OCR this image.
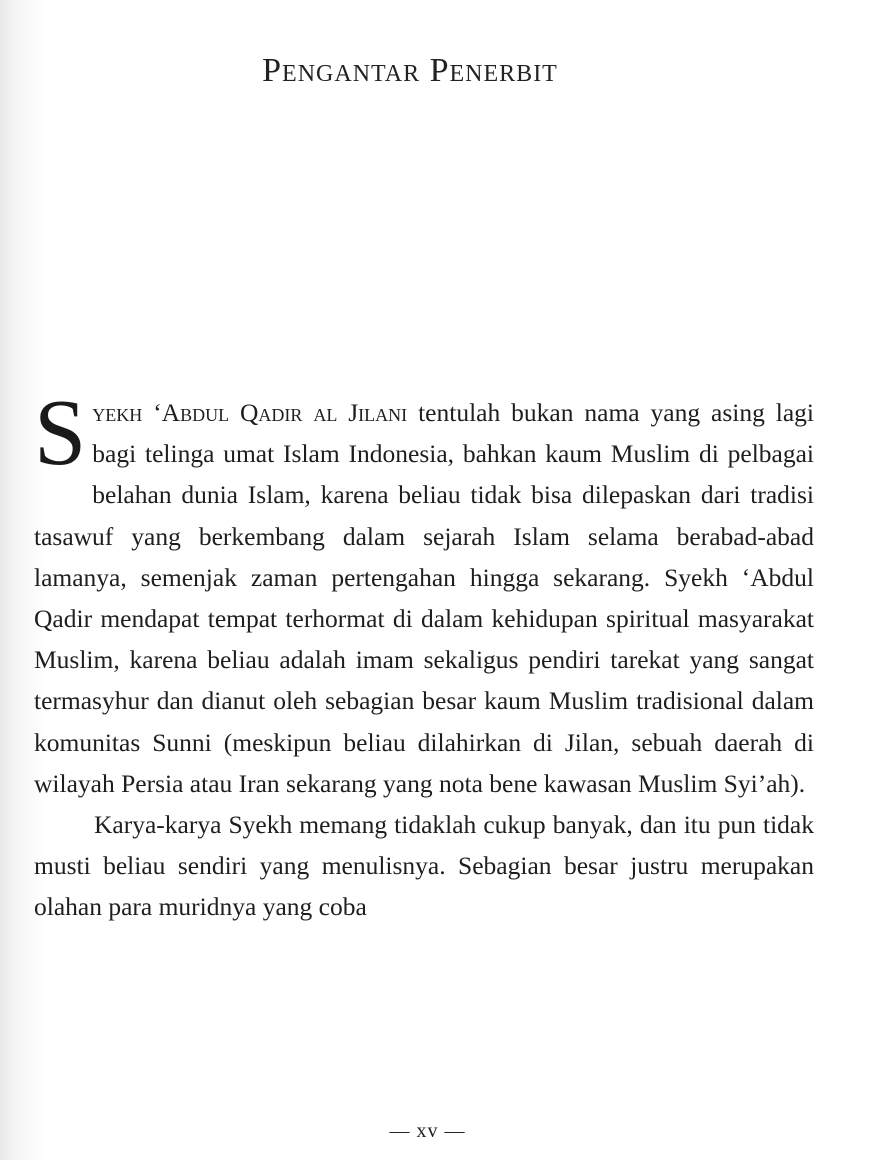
Pengantar Penerbit

Syekh ‘Abdul Qadir al Jilani tentulah bukan nama yang asing lagi bagi telinga umat Islam Indonesia, bahkan kaum Muslim di pelbagai belahan dunia Islam, karena beliau tidak bisa dilepaskan dari tradisi tasawuf yang berkembang dalam sejarah Islam selama berabad-abad lamanya, semenjak zaman pertengahan hingga sekarang. Syekh ‘Abdul Qadir mendapat tempat terhormat di dalam kehidupan spiritual masyarakat Muslim, karena beliau adalah imam sekaligus pendiri tarekat yang sangat termasyhur dan dianut oleh sebagian besar kaum Muslim tradisional dalam komunitas Sunni (meskipun beliau dilahirkan di Jilan, sebuah daerah di wilayah Persia atau Iran sekarang yang nota bene kawasan Muslim Syi’ah).

Karya-karya Syekh memang tidaklah cukup banyak, dan itu pun tidak musti beliau sendiri yang menulisnya. Sebagian besar justru merupakan olahan para muridnya yang coba

— xv —
